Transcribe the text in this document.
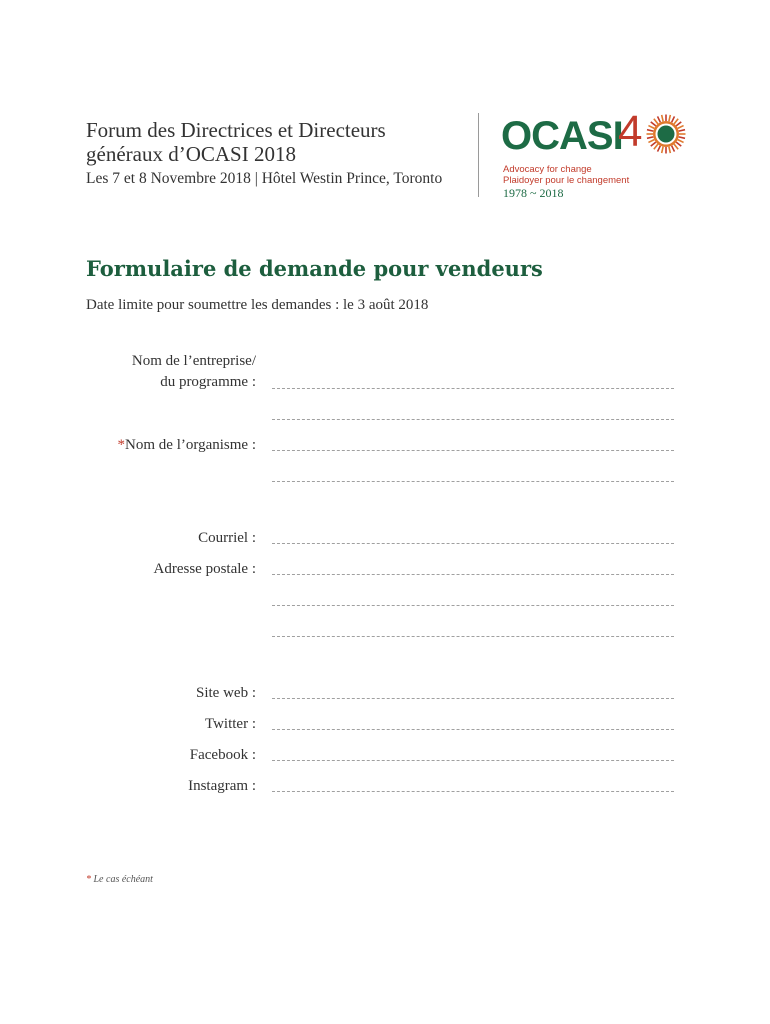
Forum des Directrices et Directeurs
généraux d’OCASI 2018
Les 7 et 8 Novembre 2018 | Hôtel Westin Prince, Toronto
OCASI
4
Advocacy for change
Plaidoyer pour le changement
1978 ~ 2018
Formulaire de demande pour vendeurs
Date limite pour soumettre les demandes : le 3 août 2018
Nom de l’entreprise/
du programme :
*Nom de l’organisme :
Courriel :
Adresse postale :
Site web :
Twitter :
Facebook :
Instagram :
* Le cas échéant
